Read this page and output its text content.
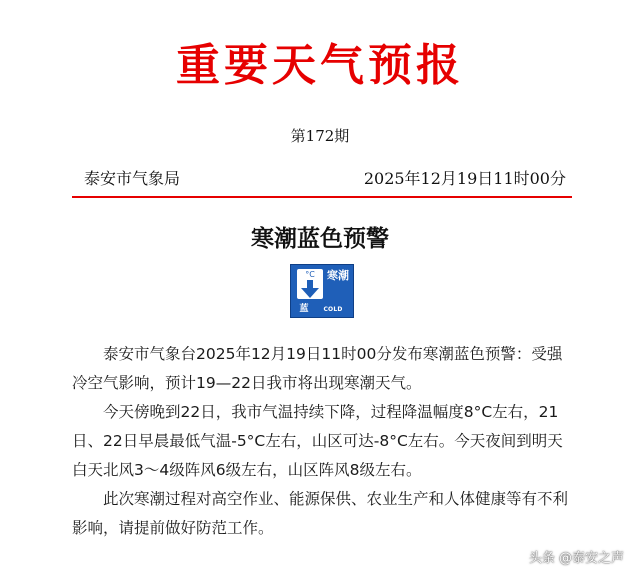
重要天气预报
第172期
泰安市气象局	2025年12月19日11时00分
寒潮蓝色预警
°C	寒潮
蓝	COLD WAVE

泰安市气象台2025年12月19日11时00分发布寒潮蓝色预警：受强冷空气影响，预计19—22日我市将出现寒潮天气。

今天傍晚到22日，我市气温持续下降，过程降温幅度8°C左右，21日、22日早晨最低气温-5°C左右，山区可达-8°C左右。今天夜间到明天白天北风3～4级阵风6级左右，山区阵风8级左右。

此次寒潮过程对高空作业、能源保供、农业生产和人体健康等有不利影响，请提前做好防范工作。

头条 @泰安之声
